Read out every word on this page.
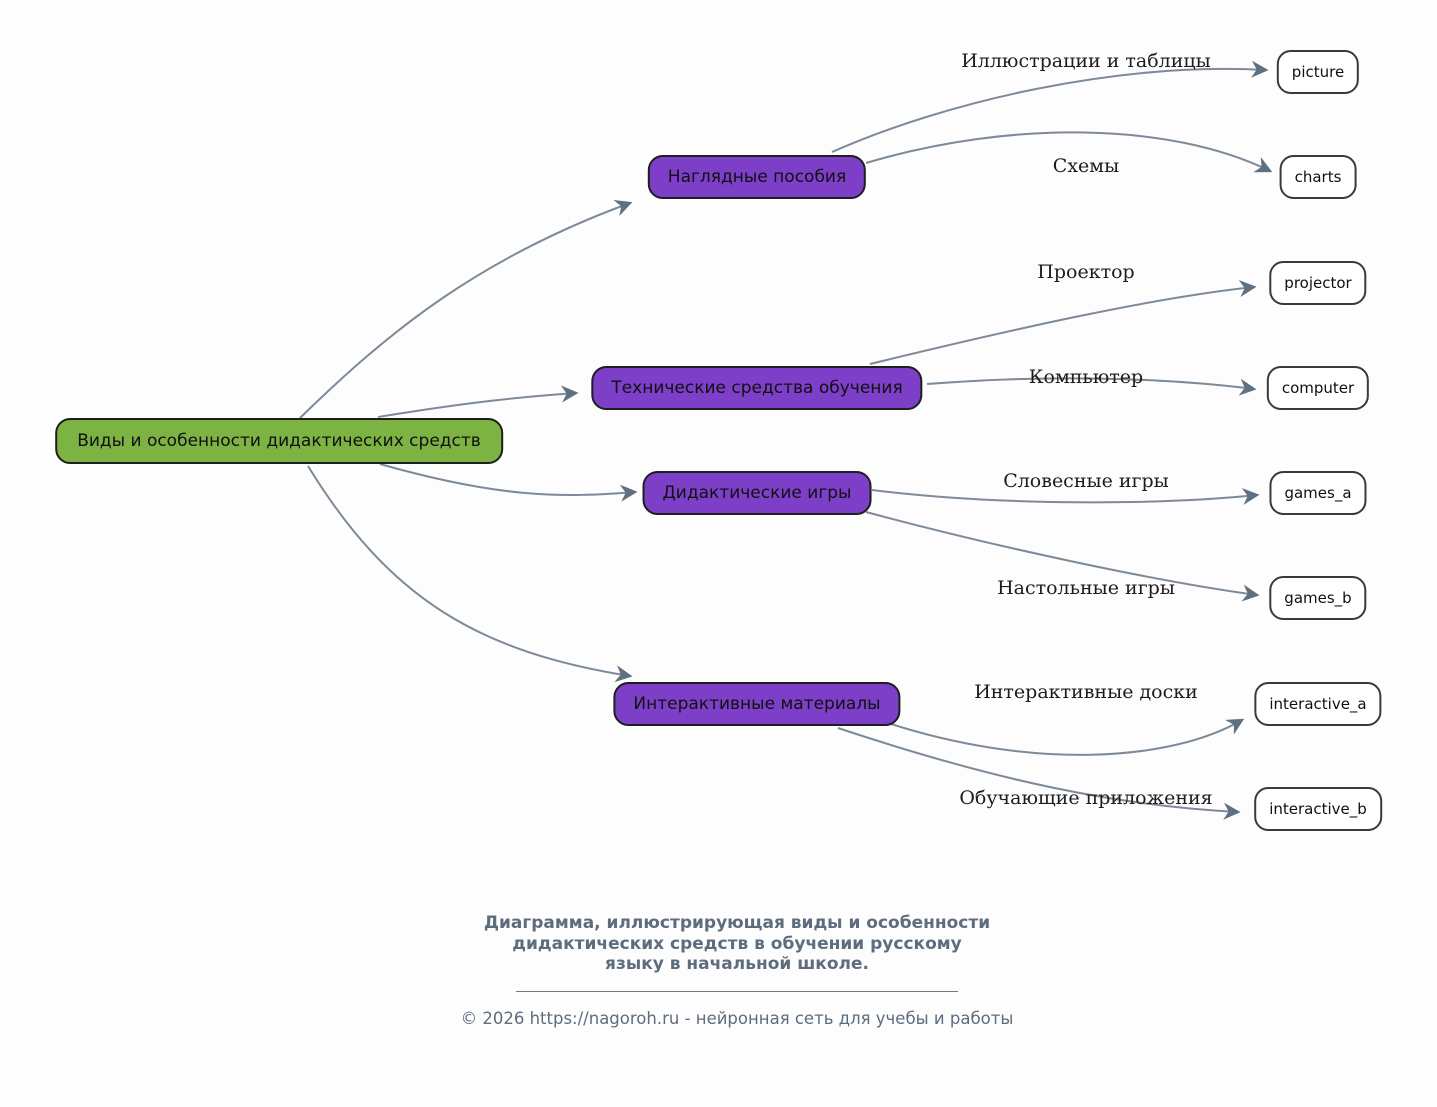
Виды и особенности дидактических средств
Наглядные пособия
Технические средства обучения
Дидактические игры
Интерактивные материалы
picture
charts
projector
computer
games_a
games_b
interactive_a
interactive_b
Иллюстрации и таблицы
Схемы
Проектор
Компьютер
Словесные игры
Настольные игры
Интерактивные доски
Обучающие приложения
Диаграмма, иллюстрирующая виды и особенности
дидактических средств в обучении русскому
языку в начальной школе.
© 2026 https://nagoroh.ru - нейронная сеть для учебы и работы
